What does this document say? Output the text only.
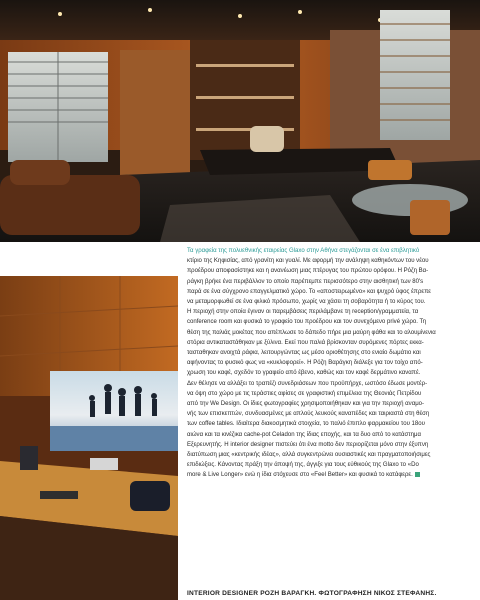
Τα γραφεία της πολυεθνικής εταιρείας Glaxo στην Αθήνα στεγάζονται σε ένα επιβλητικό

κτίριο της Κηφισίας, από γρανίτη και γυαλί. Με αφορμή την ανάληψη καθηκόντων του νέου

προέδρου αποφασίστηκε και η ανανέωση μιας πτέρυγας του πρώτου ορόφου. Η Ρόζη Βα-

ράγκη βρήκε ένα περιβάλλον το οποίο παρέπεμπε περισσότερο στην αισθητική των 80's

παρά σε ένα σύγχρονο επαγγελματικό χώρο. Το «αποστειρωμένο» και ψυχρό ύφος έπρεπε

να μεταμορφωθεί σε ένα φιλικό πρόσωπο, χωρίς να χάσει τη σοβαρότητα ή το κύρος του.

Η περιοχή στην οποία έγιναν οι παρεμβάσεις περιλάμβανε τη reception/γραμματεία, τα

conference room και φυσικά το γραφείο του προέδρου και τον συνεχόμενο privé χώρο. Τη

θέση της παλιάς μοκέτας που απέπλωσε το δάπεδο πήρε μια μαύρη φάθα και το αλουμίνενια

στόρια αντικαταστάθηκαν με ξύλινα. Εκεί που παλιά βρίσκονταν συρόμενες πόρτες εκκα-

τασταθηκαν ανοιχτά ράφια, λειτουργώντας ως μέσο οριοθέτησης στο ενιαίο δωμάτιο και

αφήνοντας το φυσικό φως να «κυκλοφορεί». Η Ρόζη Βαράγκη διάλεξε για τον τοίχο από-

χρωση του καφέ, σχεδόν το γραφείο από έβενο, καθώς και τον καφέ δερμάτινο καναπέ.

Δεν θέλησε να αλλάξει το τραπέζι συνεδριάσεων που προϋπήρχε, ωστόσο έδωσε μοντέρ-

να όψη στο χώρο με τις τεράστιες αφίσες σε γραφιστική επιμέλεια της Θεονιάς Πετρίδου

από την We Design. Οι ίδιες φωτογραφίες χρησιμοποιήθηκαν και για την περιοχή αναμο-

νής των επισκεπτών, συνδυασμένες με απλούς λευκούς καναπέδες και ταιριαστά στη θέση

των coffee tables. Ιδιαίτερα διακοσμητικά στοιχεία, το παλιό έπιπλο φαρμακείου του 18ου

αιώνα και τα κινέζικα cache-pot Celadon της ίδιας εποχής, και τα δυο από το κατάστημα

Εξερευνητής. Η interior designer πιστεύει ότι ένα motto δεν περιορίζεται μόνο στην έξυπνη

διατύπωση μιας «κεντρικής ιδέας», αλλά συγκεντρώνει ουσιαστικές και πραγματοποιήσιμες

επιδιώξεις. Κάνοντας πράξη την άποψή της, άγγιξε για τους εύθικούς της Glaxo το «Do

more & Live Longer» ενώ η ίδια στόχευσε στο «Feel Better» και φυσικά το κατάφερε.

INTERIOR DESIGNER ΡΟΖΗ ΒΑΡΑΓΚΗ. ΦΩΤΟΓΡΑΦΗΣΗ ΝΙΚΟΣ ΣΤΕΦΑΝΗΣ.
